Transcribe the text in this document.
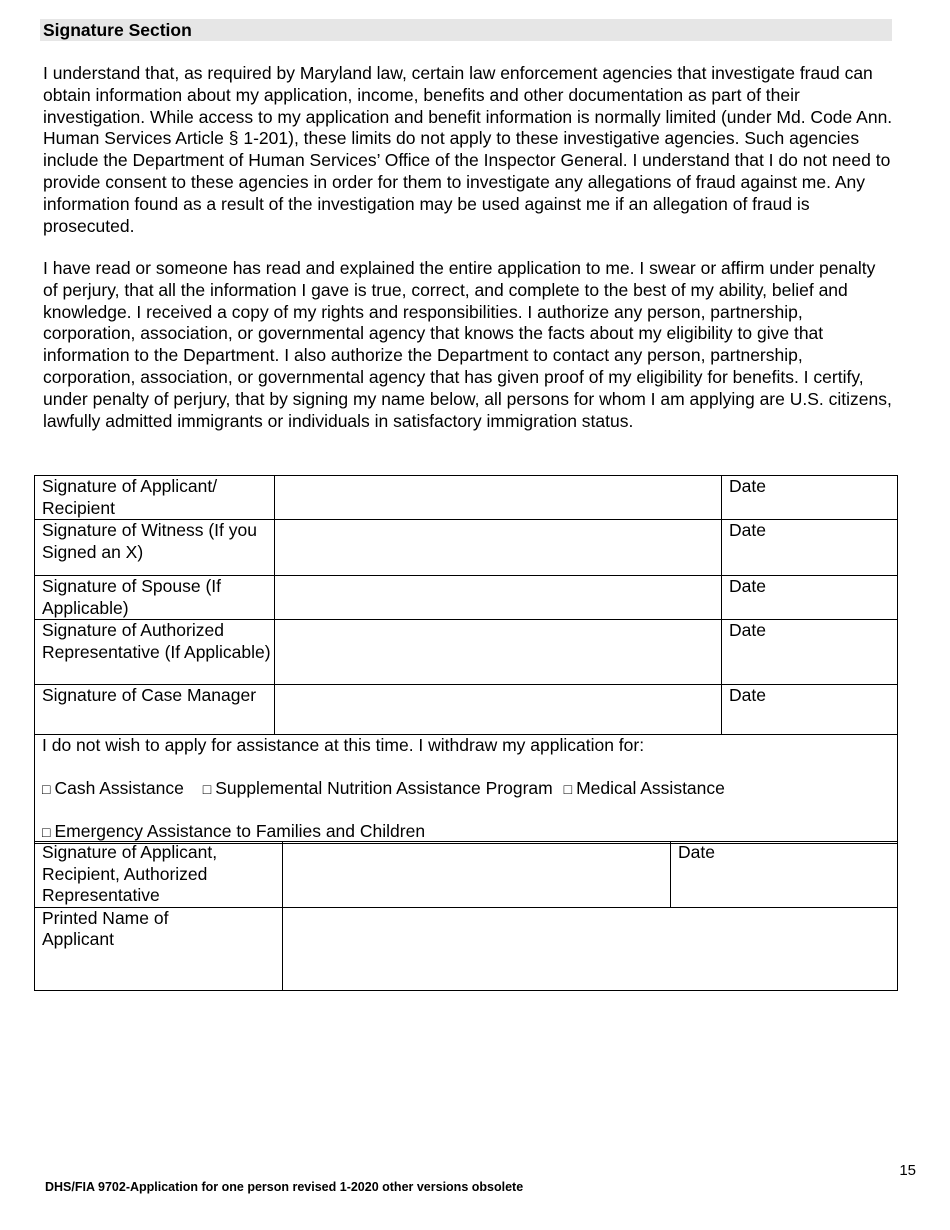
Signature Section

I understand that, as required by Maryland law, certain law enforcement agencies that investigate fraud can obtain information about my application, income, benefits and other documentation as part of their investigation. While access to my application and benefit information is normally limited (under Md. Code Ann. Human Services Article § 1-201), these limits do not apply to these investigative agencies. Such agencies include the Department of Human Services’ Office of the Inspector General. I understand that I do not need to provide consent to these agencies in order for them to investigate any allegations of fraud against me. Any information found as a result of the investigation may be used against me if an allegation of fraud is prosecuted.

I have read or someone has read and explained the entire application to me. I swear or affirm under penalty of perjury, that all the information I gave is true, correct, and complete to the best of my ability, belief and knowledge. I received a copy of my rights and responsibilities. I authorize any person, partnership, corporation, association, or governmental agency that knows the facts about my eligibility to give that information to the Department. I also authorize the Department to contact any person, partnership, corporation, association, or governmental agency that has given proof of my eligibility for benefits. I certify, under penalty of perjury, that by signing my name below, all persons for whom I am applying are U.S. citizens, lawfully admitted immigrants or individuals in satisfactory immigration status.

Signature of Applicant/ Recipient		Date
Signature of Witness (If you Signed an X)		Date
Signature of Spouse (If Applicable)		Date
Signature of Authorized Representative (If Applicable)		Date
Signature of Case Manager		Date

I do not wish to apply for assistance at this time. I withdraw my application for:
□ Cash Assistance □ Supplemental Nutrition Assistance Program □ Medical Assistance
□ Emergency Assistance to Families and Children		
Signature of Applicant, Recipient, Authorized Representative		Date
Printed Name of Applicant		
15
DHS/FIA 9702-Application for one person revised 1-2020 other versions obsolete
